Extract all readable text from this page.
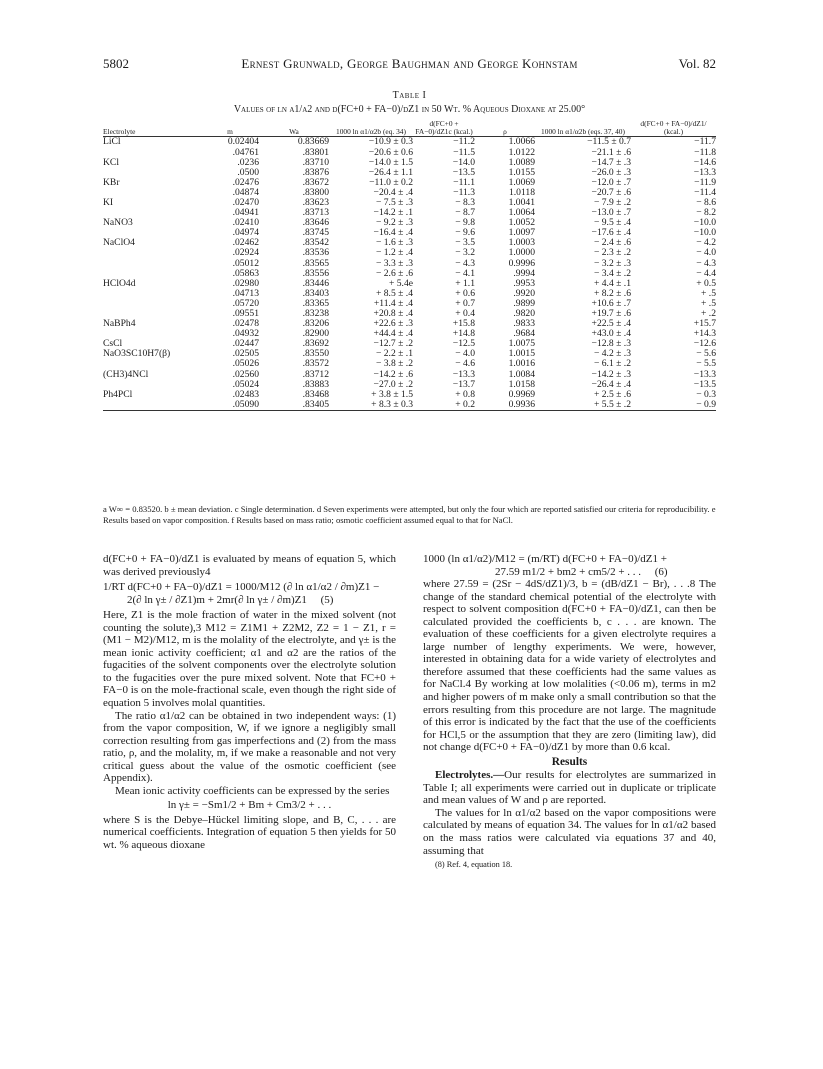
5802	Ernest Grunwald, George Baughman and George Kohnstam	Vol. 82
Table I
Values of ln α1/α2 and d(FC+0 + FA−0)/dZ1 in 50 Wt. % Aqueous Dioxane at 25.00°
Electrolyte	m	Wa	1000 ln α1/α2b (eq. 34)	d(FC+0 + FA−0)/dZ1c (kcal.)	ρ	1000 ln α1/α2b (eqs. 37, 40)	d(FC+0 + FA−0)/dZ1/ (kcal.)
LiCl	0.02404	0.83669	−10.9 ± 0.3	−11.2	1.0066	−11.5 ± 0.7	−11.7
	.04761	.83801	−20.6 ± 0.6	−11.5	1.0122	−21.1 ± .6	−11.8
KCl	.0236	.83710	−14.0 ± 1.5	−14.0	1.0089	−14.7 ± .3	−14.6
	.0500	.83876	−26.4 ± 1.1	−13.5	1.0155	−26.0 ± .3	−13.3
KBr	.02476	.83672	−11.0 ± 0.2	−11.1	1.0069	−12.0 ± .7	−11.9
	.04874	.83800	−20.4 ± .4	−11.3	1.0118	−20.7 ± .6	−11.4
KI	.02470	.83623	− 7.5 ± .3	− 8.3	1.0041	− 7.9 ± .2	− 8.6
	.04941	.83713	−14.2 ± .1	− 8.7	1.0064	−13.0 ± .7	− 8.2
NaNO3	.02410	.83646	− 9.2 ± .3	− 9.8	1.0052	− 9.5 ± .4	−10.0
	.04974	.83745	−16.4 ± .4	− 9.6	1.0097	−17.6 ± .4	−10.0
NaClO4	.02462	.83542	− 1.6 ± .3	− 3.5	1.0003	− 2.4 ± .6	− 4.2
	.02924	.83536	− 1.2 ± .4	− 3.2	1.0000	− 2.3 ± .2	− 4.0
	.05012	.83565	− 3.3 ± .3	− 4.3	0.9996	− 3.2 ± .3	− 4.3
	.05863	.83556	− 2.6 ± .6	− 4.1	.9994	− 3.4 ± .2	− 4.4
HClO4d	.02980	.83446	+ 5.4e	+ 1.1	.9953	+ 4.4 ± .1	+ 0.5
	.04713	.83403	+ 8.5 ± .4	+ 0.6	.9920	+ 8.2 ± .6	+ .5
	.05720	.83365	+11.4 ± .4	+ 0.7	.9899	+10.6 ± .7	+ .5
	.09551	.83238	+20.8 ± .4	+ 0.4	.9820	+19.7 ± .6	+ .2
NaBPh4	.02478	.83206	+22.6 ± .3	+15.8	.9833	+22.5 ± .4	+15.7
	.04932	.82900	+44.4 ± .4	+14.8	.9684	+43.0 ± .4	+14.3
CsCl	.02447	.83692	−12.7 ± .2	−12.5	1.0075	−12.8 ± .3	−12.6
NaO3SC10H7(β)	.02505	.83550	− 2.2 ± .1	− 4.0	1.0015	− 4.2 ± .3	− 5.6
	.05026	.83572	− 3.8 ± .2	− 4.6	1.0016	− 6.1 ± .2	− 5.5
(CH3)4NCl	.02560	.83712	−14.2 ± .6	−13.3	1.0084	−14.2 ± .3	−13.3
	.05024	.83883	−27.0 ± .2	−13.7	1.0158	−26.4 ± .4	−13.5
Ph4PCl	.02483	.83468	+ 3.8 ± 1.5	+ 0.8	0.9969	+ 2.5 ± .6	− 0.3
	.05090	.83405	+ 8.3 ± 0.3	+ 0.2	0.9936	+ 5.5 ± .2	− 0.9
a W∞ = 0.83520. b ± mean deviation. c Single determination. d Seven experiments were attempted, but only the four which are reported satisfied our criteria for reproducibility. e Results based on vapor composition. f Results based on mass ratio; osmotic coefficient assumed equal to that for NaCl.

d(FC+0 + FA−0)/dZ1 is evaluated by means of equation 5, which was derived previously4

1/RT d(FC+0 + FA−0)/dZ1 = 1000/M12 (∂ ln α1/α2 / ∂m)Z1 −
2(∂ ln γ± / ∂Z1)m + 2mr(∂ ln γ± / ∂m)Z1     (5)

Here, Z1 is the mole fraction of water in the mixed solvent (not counting the solute),3 M12 = Z1M1 + Z2M2, Z2 = 1 − Z1, r = (M1 − M2)/M12, m is the molality of the electrolyte, and γ± is the mean ionic activity coefficient; α1 and α2 are the ratios of the fugacities of the solvent components over the electrolyte solution to the fugacities over the pure mixed solvent. Note that FC+0 + FA−0 is on the mole-fractional scale, even though the right side of equation 5 involves molal quantities.

The ratio α1/α2 can be obtained in two independent ways: (1) from the vapor composition, W, if we ignore a negligibly small correction resulting from gas imperfections and (2) from the mass ratio, ρ, and the molality, m, if we make a reasonable and not very critical guess about the value of the osmotic coefficient (see Appendix).

Mean ionic activity coefficients can be expressed by the series

ln γ± = −Sm1/2 + Bm + Cm3/2 + . . .

where S is the Debye–Hückel limiting slope, and B, C, . . . are numerical coefficients. Integration of equation 5 then yields for 50 wt. % aqueous dioxane

1000 (ln α1/α2)/M12 = (m/RT) d(FC+0 + FA−0)/dZ1 +
27.59 m1/2 + bm2 + cm5/2 + . . .     (6)

where 27.59 = (2Sr − 4dS/dZ1)/3, b = (dB/dZ1 − Br), . . .8 The change of the standard chemical potential of the electrolyte with respect to solvent composition d(FC+0 + FA−0)/dZ1, can then be calculated provided the coefficients b, c . . . are known. The evaluation of these coefficients for a given electrolyte requires a large number of lengthy experiments. We were, however, interested in obtaining data for a wide variety of electrolytes and therefore assumed that these coefficients had the same values as for NaCl.4 By working at low molalities (<0.06 m), terms in m2 and higher powers of m make only a small contribution so that the errors resulting from this procedure are not large. The magnitude of this error is indicated by the fact that the use of the coefficients for HCl,5 or the assumption that they are zero (limiting law), did not change d(FC+0 + FA−0)/dZ1 by more than 0.6 kcal.

Results

Electrolytes.—Our results for electrolytes are summarized in Table I; all experiments were carried out in duplicate or triplicate and mean values of W and ρ are reported.

The values for ln α1/α2 based on the vapor compositions were calculated by means of equation 34. The values for ln α1/α2 based on the mass ratios were calculated via equations 37 and 40, assuming that

(8) Ref. 4, equation 18.
